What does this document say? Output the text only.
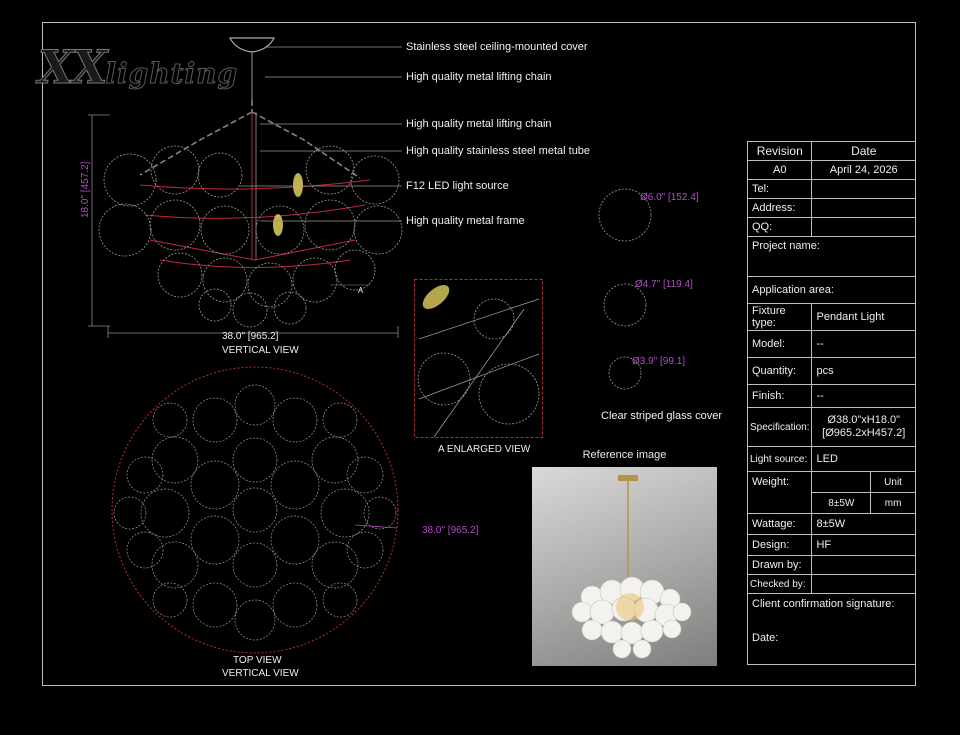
XXlighting
18.0" [457.2]
38.0" [965.2]
VERTICAL VIEW
A
Stainless steel ceiling-mounted cover
High quality metal lifting chain
High quality metal lifting chain
High quality stainless steel metal tube
F12 LED light source
High quality metal frame
38.0" [965.2]
TOP VIEW
VERTICAL VIEW
A ENLARGED VIEW
Ø6.0" [152.4]
Ø4.7" [119.4]
Ø3.9" [99.1]
Clear striped glass cover
Reference image
Revision	Date	
A0	April 24, 2026	
Tel:		
Address:		
QQ:		
Project name:		
Application area:		
Fixture type:	Pendant Light	
Model:	--	
Quantity:	pcs	
Finish:	--	
Specification:	Ø38.0"xH18.0"
[Ø965.2xH457.2]	

Light source:	LED	
Weight:		Unit
	8±5W	mm
Wattage:	8±5W	
Design:	HF	
Drawn by:		
Checked by:		

Client confirmation signature:
Date:		
